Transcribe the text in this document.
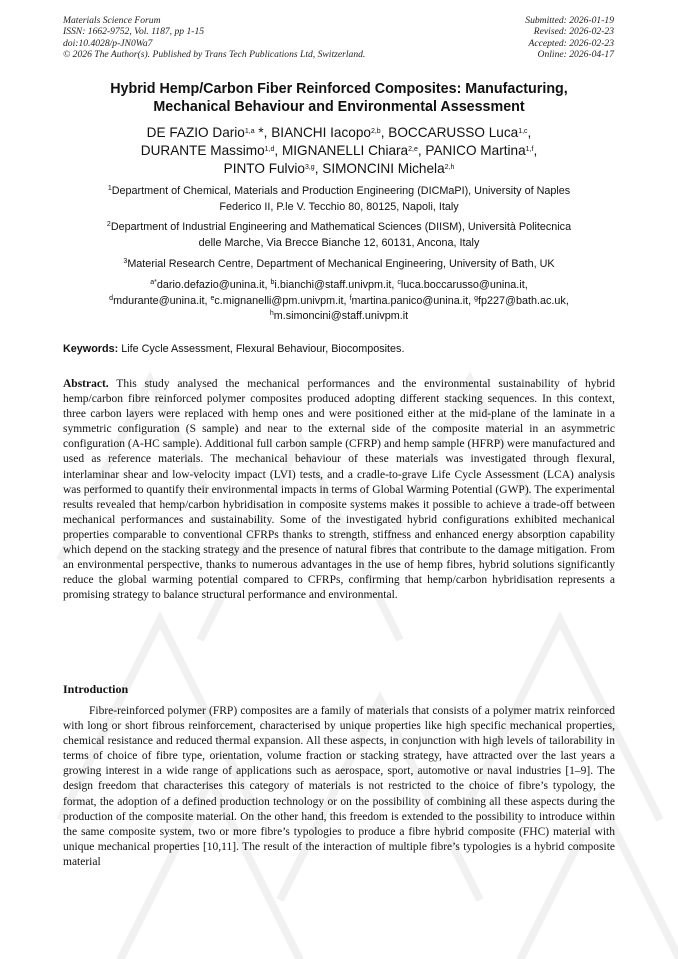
Materials Science Forum
ISSN: 1662-9752, Vol. 1187, pp 1-15
doi:10.4028/p-JN0Wa7
© 2026 The Author(s). Published by Trans Tech Publications Ltd, Switzerland.
Submitted: 2026-01-19
Revised: 2026-02-23
Accepted: 2026-02-23
Online: 2026-04-17
Hybrid Hemp/Carbon Fiber Reinforced Composites: Manufacturing,
Mechanical Behaviour and Environmental Assessment
DE FAZIO Dario$^{1,a}$ *, BIANCHI Iacopo$^{2,b}$, BOCCARUSSO Luca$^{1,c}$,
DURANTE Massimo$^{1,d}$, MIGNANELLI Chiara$^{2,e}$, PANICO Martina$^{1,f}$,
PINTO Fulvio$^{3,g}$, SIMONCINI Michela$^{2,h}$
$^1$Department of Chemical, Materials and Production Engineering (DICMaPI), University of Naples
Federico II, P.le V. Tecchio 80, 80125, Napoli, Italy
$^2$Department of Industrial Engineering and Mathematical Sciences (DIISM), Università Politecnica
delle Marche, Via Brecce Bianche 12, 60131, Ancona, Italy
$^3$Material Research Centre, Department of Mechanical Engineering, University of Bath, UK
$^{a*}$dario.defazio@unina.it, $^b$i.bianchi@staff.univpm.it, $^c$luca.boccarusso@unina.it,
$^d$mdurante@unina.it, $^e$c.mignanelli@pm.univpm.it, $^f$martina.panico@unina.it, $^g$fp227@bath.ac.uk,
$^h$m.simoncini@staff.univpm.it
Keywords: Life Cycle Assessment, Flexural Behaviour, Biocomposites.

Abstract. This study analysed the mechanical performances and the environmental sustainability of hybrid hemp/carbon fibre reinforced polymer composites produced adopting different stacking sequences. In this context, three carbon layers were replaced with hemp ones and were positioned either at the mid-plane of the laminate in a symmetric configuration (S sample) and near to the external side of the composite material in an asymmetric configuration (A-HC sample). Additional full carbon sample (CFRP) and hemp sample (HFRP) were manufactured and used as reference materials. The mechanical behaviour of these materials was investigated through flexural, interlaminar shear and low-velocity impact (LVI) tests, and a cradle-to-grave Life Cycle Assessment (LCA) analysis was performed to quantify their environmental impacts in terms of Global Warming Potential (GWP). The experimental results revealed that hemp/carbon hybridisation in composite systems makes it possible to achieve a trade-off between mechanical performances and sustainability. Some of the investigated hybrid configurations exhibited mechanical properties comparable to conventional CFRPs thanks to strength, stiffness and enhanced energy absorption capability which depend on the stacking strategy and the presence of natural fibres that contribute to the damage mitigation. From an environmental perspective, thanks to numerous advantages in the use of hemp fibres, hybrid solutions significantly reduce the global warming potential compared to CFRPs, confirming that hemp/carbon hybridisation represents a promising strategy to balance structural performance and environmental.

Introduction

Fibre-reinforced polymer (FRP) composites are a family of materials that consists of a polymer matrix reinforced with long or short fibrous reinforcement, characterised by unique properties like high specific mechanical properties, chemical resistance and reduced thermal expansion. All these aspects, in conjunction with high levels of tailorability in terms of choice of fibre type, orientation, volume fraction or stacking strategy, have attracted over the last years a growing interest in a wide range of applications such as aerospace, sport, automotive or naval industries [1–9]. The design freedom that characterises this category of materials is not restricted to the choice of fibre’s typology, the format, the adoption of a defined production technology or on the possibility of combining all these aspects during the production of the composite material. On the other hand, this freedom is extended to the possibility to introduce within the same composite system, two or more fibre’s typologies to produce a fibre hybrid composite (FHC) material with unique mechanical properties [10,11]. The result of the interaction of multiple fibre’s typologies is a hybrid composite material
